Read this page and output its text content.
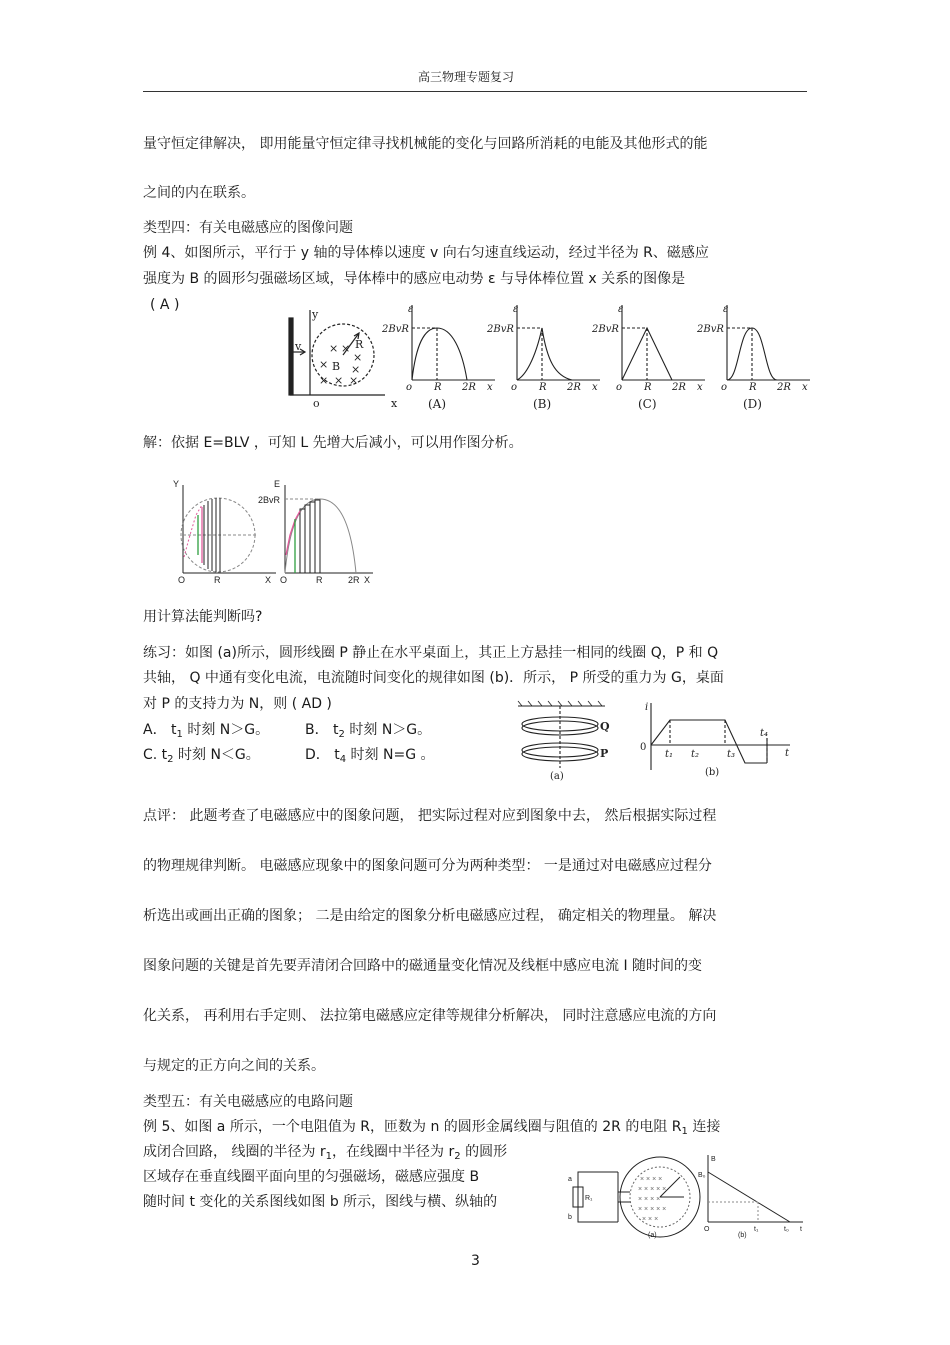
高三物理专题复习
量守恒定律解决， 即用能量守恒定律寻找机械能的变化与回路所消耗的电能及其他形式的能
之间的内在联系。
类型四：有关电磁感应的图像问题
例 4、如图所示，平行于 y 轴的导体棒以速度 v 向右匀速直线运动，经过半径为 R、磁感应
强度为 B 的圆形匀强磁场区域，导体棒中的感应电动势 ε 与导体棒位置 x 关系的图像是
( A )
v
y
R
B
o	x
× ×
×
× ×
× × ×
ε
2BvR
o R 2R x
(A)
ε
2BvR
o R 2R x
(B)
ε
2BvR
o R 2R x
(C)
ε
2BvR
o R 2R x
(D)
解：依据 E=BLV ，可知 L 先增大后减小，可以用作图分析。
Y
O	R	X
E
2BvR
O	R	2R X
用计算法能判断吗?
练习：如图 (a)所示，圆形线圈 P 静止在水平桌面上，其正上方悬挂一相同的线圈 Q，P 和 Q
共轴， Q 中通有变化电流，电流随时间变化的规律如图 (b)．所示， P 所受的重力为 G，桌面
对 P 的支持力为 N，则 ( AD )
A． $t_1$ 时刻 N＞G。	B． $t_2$ 时刻 N＞G。
C. $t_2$ 时刻 N＜G。	D． $t_4$ 时刻 N=G 。
Q
P
(a)
i
0
t₁ t₂	t₃
t₄
t
(b)
点评： 此题考查了电磁感应中的图象问题， 把实际过程对应到图象中去， 然后根据实际过程
的物理规律判断。 电磁感应现象中的图象问题可分为两种类型： 一是通过对电磁感应过程分
析选出或画出正确的图象； 二是由给定的图象分析电磁感应过程， 确定相关的物理量。 解决
图象问题的关键是首先要弄清闭合回路中的磁通量变化情况及线框中感应电流 I 随时间的变
化关系， 再利用右手定则、 法拉第电磁感应定律等规律分析解决， 同时注意感应电流的方向
与规定的正方向之间的关系。
类型五：有关电磁感应的电路问题
例 5、如图 a 所示，一个电阻值为 R，匝数为 n 的圆形金属线圈与阻值的 2R 的电阻 $R_1$ 连接
成闭合回路， 线圈的半径为 $r_1$，在线圈中半径为 $r_2$ 的圆形
区域存在垂直线圈平面向里的匀强磁场，磁感应强度 B
随时间 t 变化的关系图线如图 b 所示，图线与横、纵轴的
× × × ×
× × × × ×
× × × ×
× × × × ×
× × ×
a
b
R₁
(a)
B
B₀
O	t₁	t₀ t
(b)
3
